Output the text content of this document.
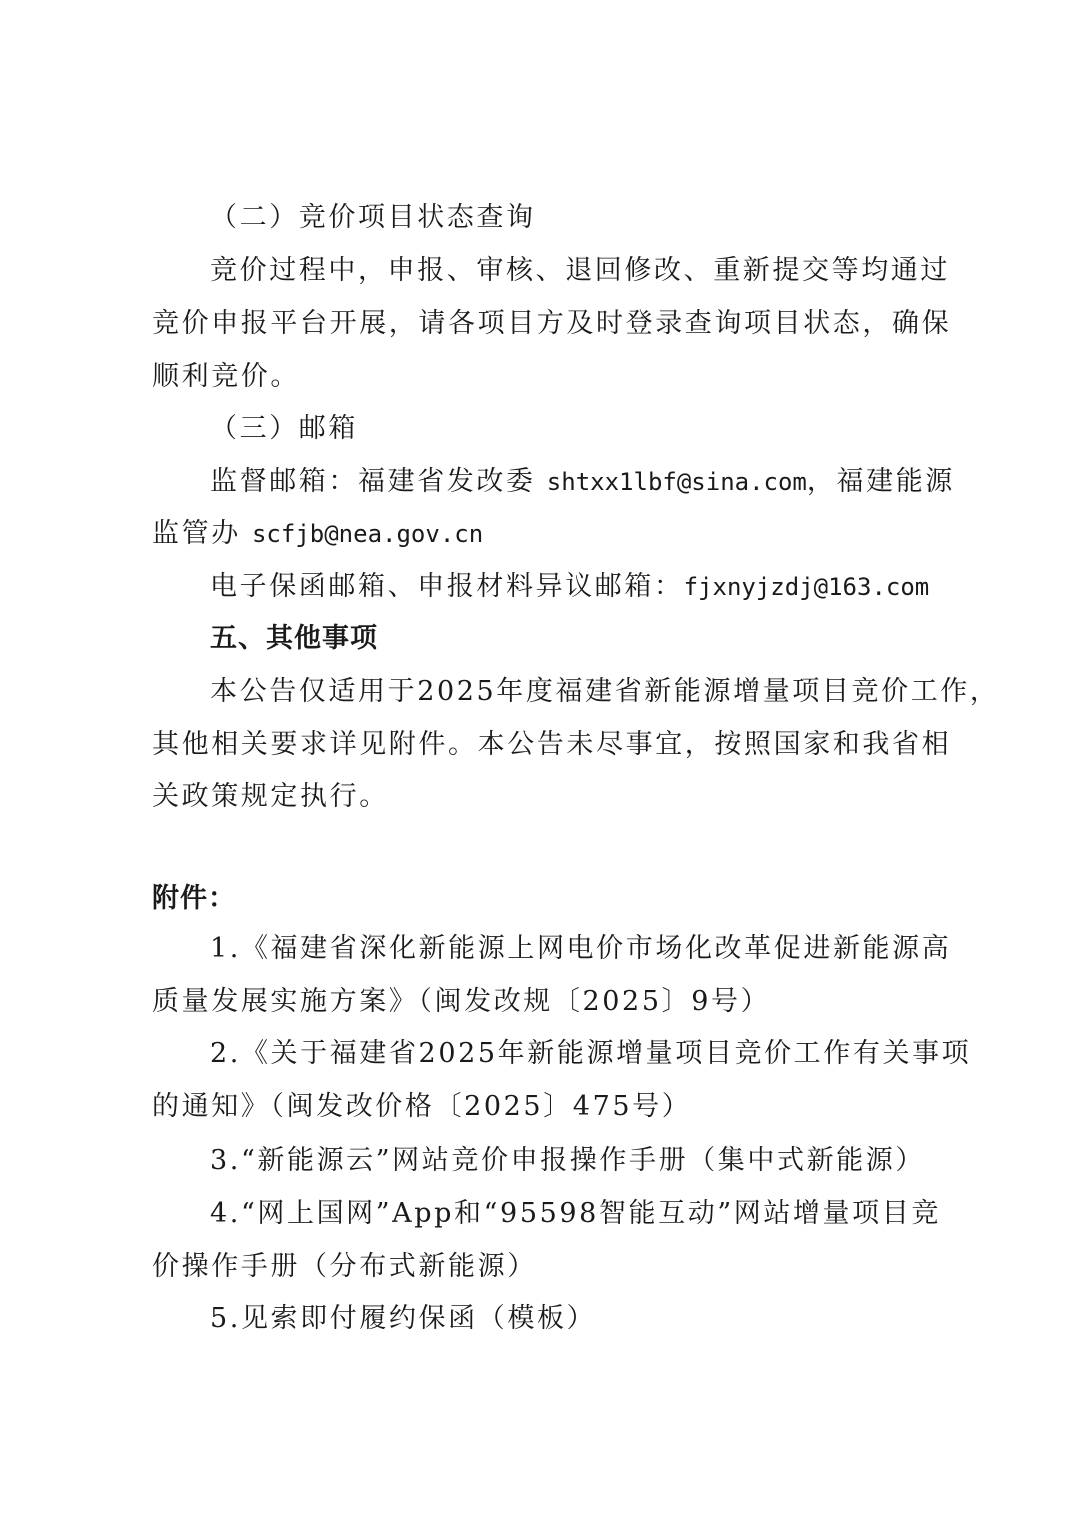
（二）竞价项目状态查询
竞价过程中，申报、审核、退回修改、重新提交等均通过
竞价申报平台开展，请各项目方及时登录查询项目状态，确保
顺利竞价。
（三）邮箱
监督邮箱：福建省发改委 shtxx1lbf@sina.com，福建能源
监管办 scfjb@nea.gov.cn
电子保函邮箱、申报材料异议邮箱：fjxnyjzdj@163.com
五、其他事项
本公告仅适用于2025年度福建省新能源增量项目竞价工作，
其他相关要求详见附件。本公告未尽事宜，按照国家和我省相
关政策规定执行。
附件：
1.《福建省深化新能源上网电价市场化改革促进新能源高
质量发展实施方案》（闽发改规〔2025〕9号）
2.《关于福建省2025年新能源增量项目竞价工作有关事项
的通知》（闽发改价格〔2025〕475号）
3.“新能源云”网站竞价申报操作手册（集中式新能源）
4.“网上国网”App和“95598智能互动”网站增量项目竞
价操作手册（分布式新能源）
5.见索即付履约保函（模板）
